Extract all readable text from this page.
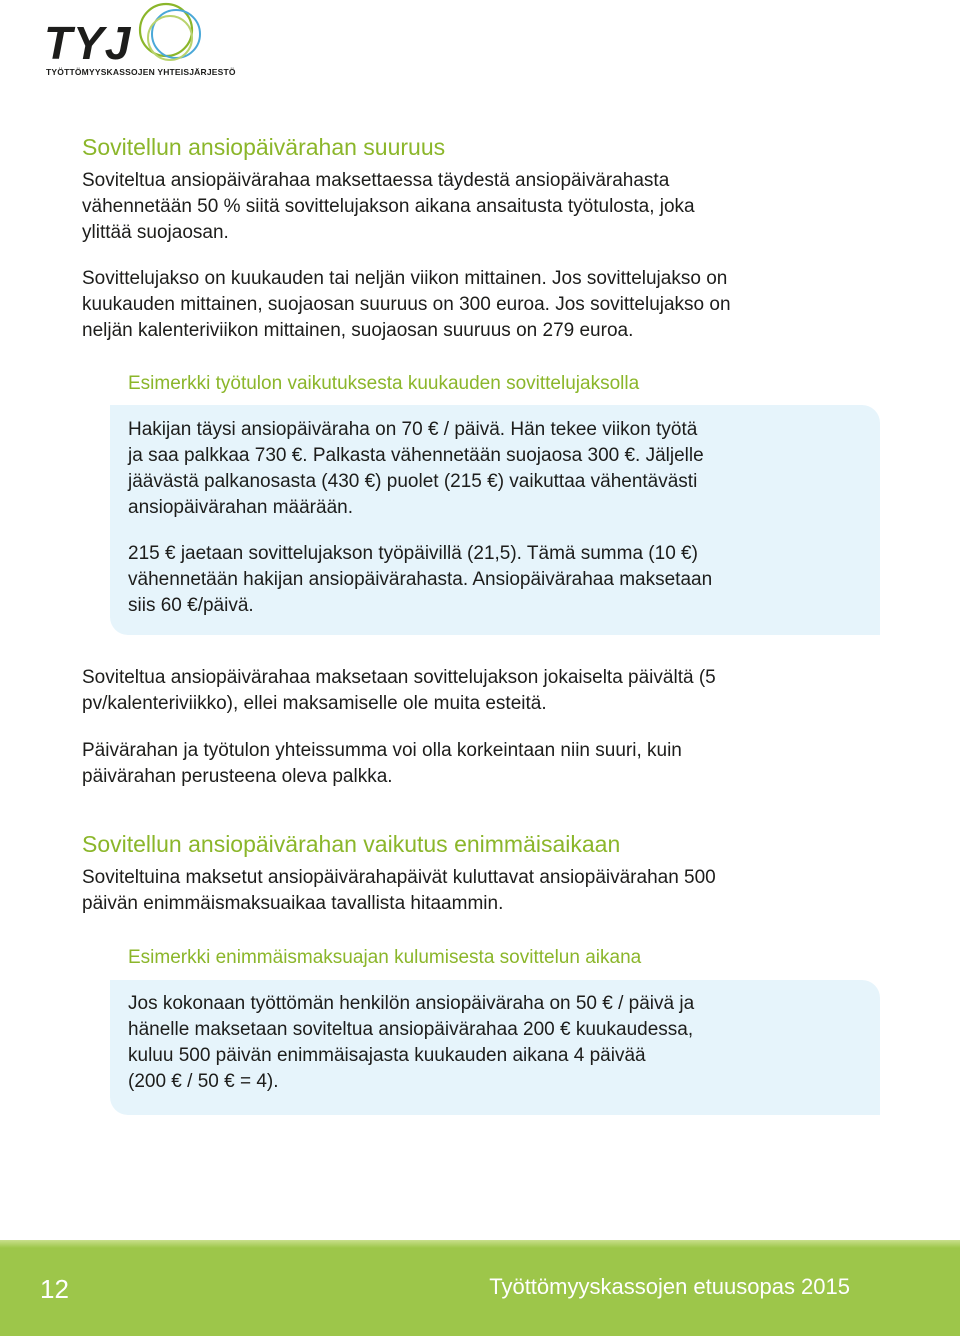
TYJ
TYÖTTÖMYYSKASSOJEN YHTEISJÄRJESTÖ
Sovitellun ansiopäivärahan suuruus

Soviteltua ansiopäivärahaa maksettaessa täydestä ansiopäivärahasta
vähennetään 50 % siitä sovittelujakson aikana ansaitusta työtulosta, joka
ylittää suojaosan.

Sovittelujakso on kuukauden tai neljän viikon mittainen. Jos sovittelujakso on
kuukauden mittainen, suojaosan suuruus on 300 euroa. Jos sovittelujakso on
neljän kalenteriviikon mittainen, suojaosan suuruus on 279 euroa.

Esimerkki työtulon vaikutuksesta kuukauden sovittelujaksolla

Hakijan täysi ansiopäiväraha on 70 € / päivä. Hän tekee viikon työtä
ja saa palkkaa 730 €. Palkasta vähennetään suojaosa 300 €. Jäljelle
jäävästä palkanosasta (430 €) puolet (215 €) vaikuttaa vähentävästi
ansiopäivärahan määrään.

215 € jaetaan sovittelujakson työpäivillä (21,5). Tämä summa (10 €)
vähennetään hakijan ansiopäivärahasta. Ansiopäivärahaa maksetaan
siis 60 €/päivä.

Soviteltua ansiopäivärahaa maksetaan sovittelujakson jokaiselta päivältä (5
pv/kalenteriviikko), ellei maksamiselle ole muita esteitä.

Päivärahan ja työtulon yhteissumma voi olla korkeintaan niin suuri, kuin
päivärahan perusteena oleva palkka.

Sovitellun ansiopäivärahan vaikutus enimmäisaikaan

Soviteltuina maksetut ansiopäivärahapäivät kuluttavat ansiopäivärahan 500
päivän enimmäismaksuaikaa tavallista hitaammin.

Esimerkki enimmäismaksuajan kulumisesta sovittelun aikana

Jos kokonaan työttömän henkilön ansiopäiväraha on 50 € / päivä ja
hänelle maksetaan soviteltua ansiopäivärahaa 200 € kuukaudessa,
kuluu 500 päivän enimmäisajasta kuukauden aikana 4 päivää
(200 € / 50 € = 4).

12	Työttömyyskassojen etuusopas 2015
